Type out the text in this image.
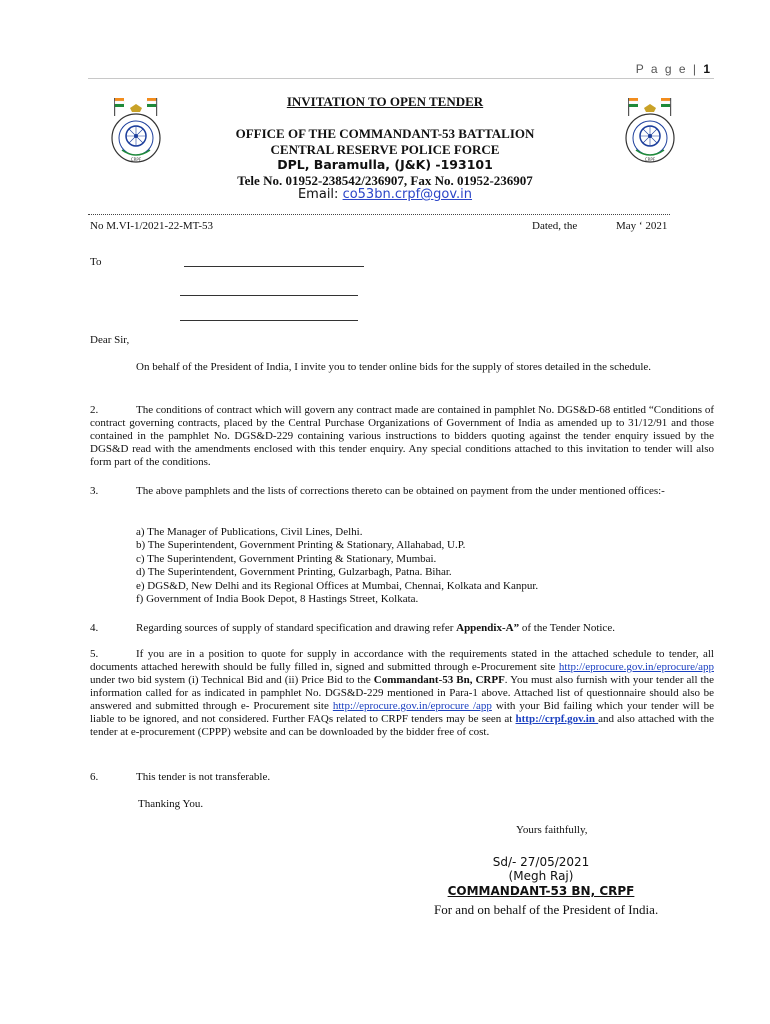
P a g e | 1
CRPF	CRPF
INVITATION TO OPEN TENDER
OFFICE OF THE COMMANDANT-53 BATTALION
CENTRAL RESERVE POLICE FORCE
DPL, Baramulla, (J&K) -193101
Tele No. 01952-238542/236907, Fax No. 01952-236907
Email: co53bn.crpf@gov.in
No M.VI-1/2021-22-MT-53	Dated, the	May ‘ 2021
To
Dear Sir,
On behalf of the President of India, I invite you to tender online bids for the supply of stores detailed in the schedule.
2.	The conditions of contract which will govern any contract made are contained in pamphlet No. DGS&D-68 entitled “Conditions of contract governing contracts, placed by the Central Purchase Organizations of Government of India as amended up to 31/12/91 and those contained in the pamphlet No. DGS&D-229 containing various instructions to bidders quoting against the tender enquiry issued by the DGS&D read with the amendments enclosed with this tender enquiry. Any special conditions attached to this invitation to tender will also form part of the conditions.
3.	The above pamphlets and the lists of corrections thereto can be obtained on payment from the under mentioned offices:-
a) The Manager of Publications, Civil Lines, Delhi.
b) The Superintendent, Government Printing & Stationary, Allahabad, U.P.
c) The Superintendent, Government Printing & Stationary, Mumbai.
d) The Superintendent, Government Printing, Gulzarbagh, Patna. Bihar.
e) DGS&D, New Delhi and its Regional Offices at Mumbai, Chennai, Kolkata and Kanpur.
f) Government of India Book Depot, 8 Hastings Street, Kolkata.
4.	Regarding sources of supply of standard specification and drawing refer Appendix-A” of the Tender Notice.
5.	If you are in a position to quote for supply in accordance with the requirements stated in the attached schedule to tender, all documents attached herewith should be fully filled in, signed and submitted through e-Procurement site http://eprocure.gov.in/eprocure/app under two bid system (i) Technical Bid and (ii) Price Bid to the Commandant-53 Bn, CRPF. You must also furnish with your tender all the information called for as indicated in pamphlet No. DGS&D-229 mentioned in Para-1 above. Attached list of questionnaire should also be answered and submitted through e- Procurement site http://eprocure.gov.in/eprocure /app with your Bid failing which your tender will be liable to be ignored, and not considered. Further FAQs related to CRPF tenders may be seen at http://crpf.gov.in and also attached with the tender at e-procurement (CPPP) website and can be downloaded by the bidder free of cost.
6.	This tender is not transferable.
Thanking You.
Yours faithfully,
Sd/- 27/05/2021
(Megh Raj)
COMMANDANT-53 BN, CRPF
For and on behalf of the President of India.
